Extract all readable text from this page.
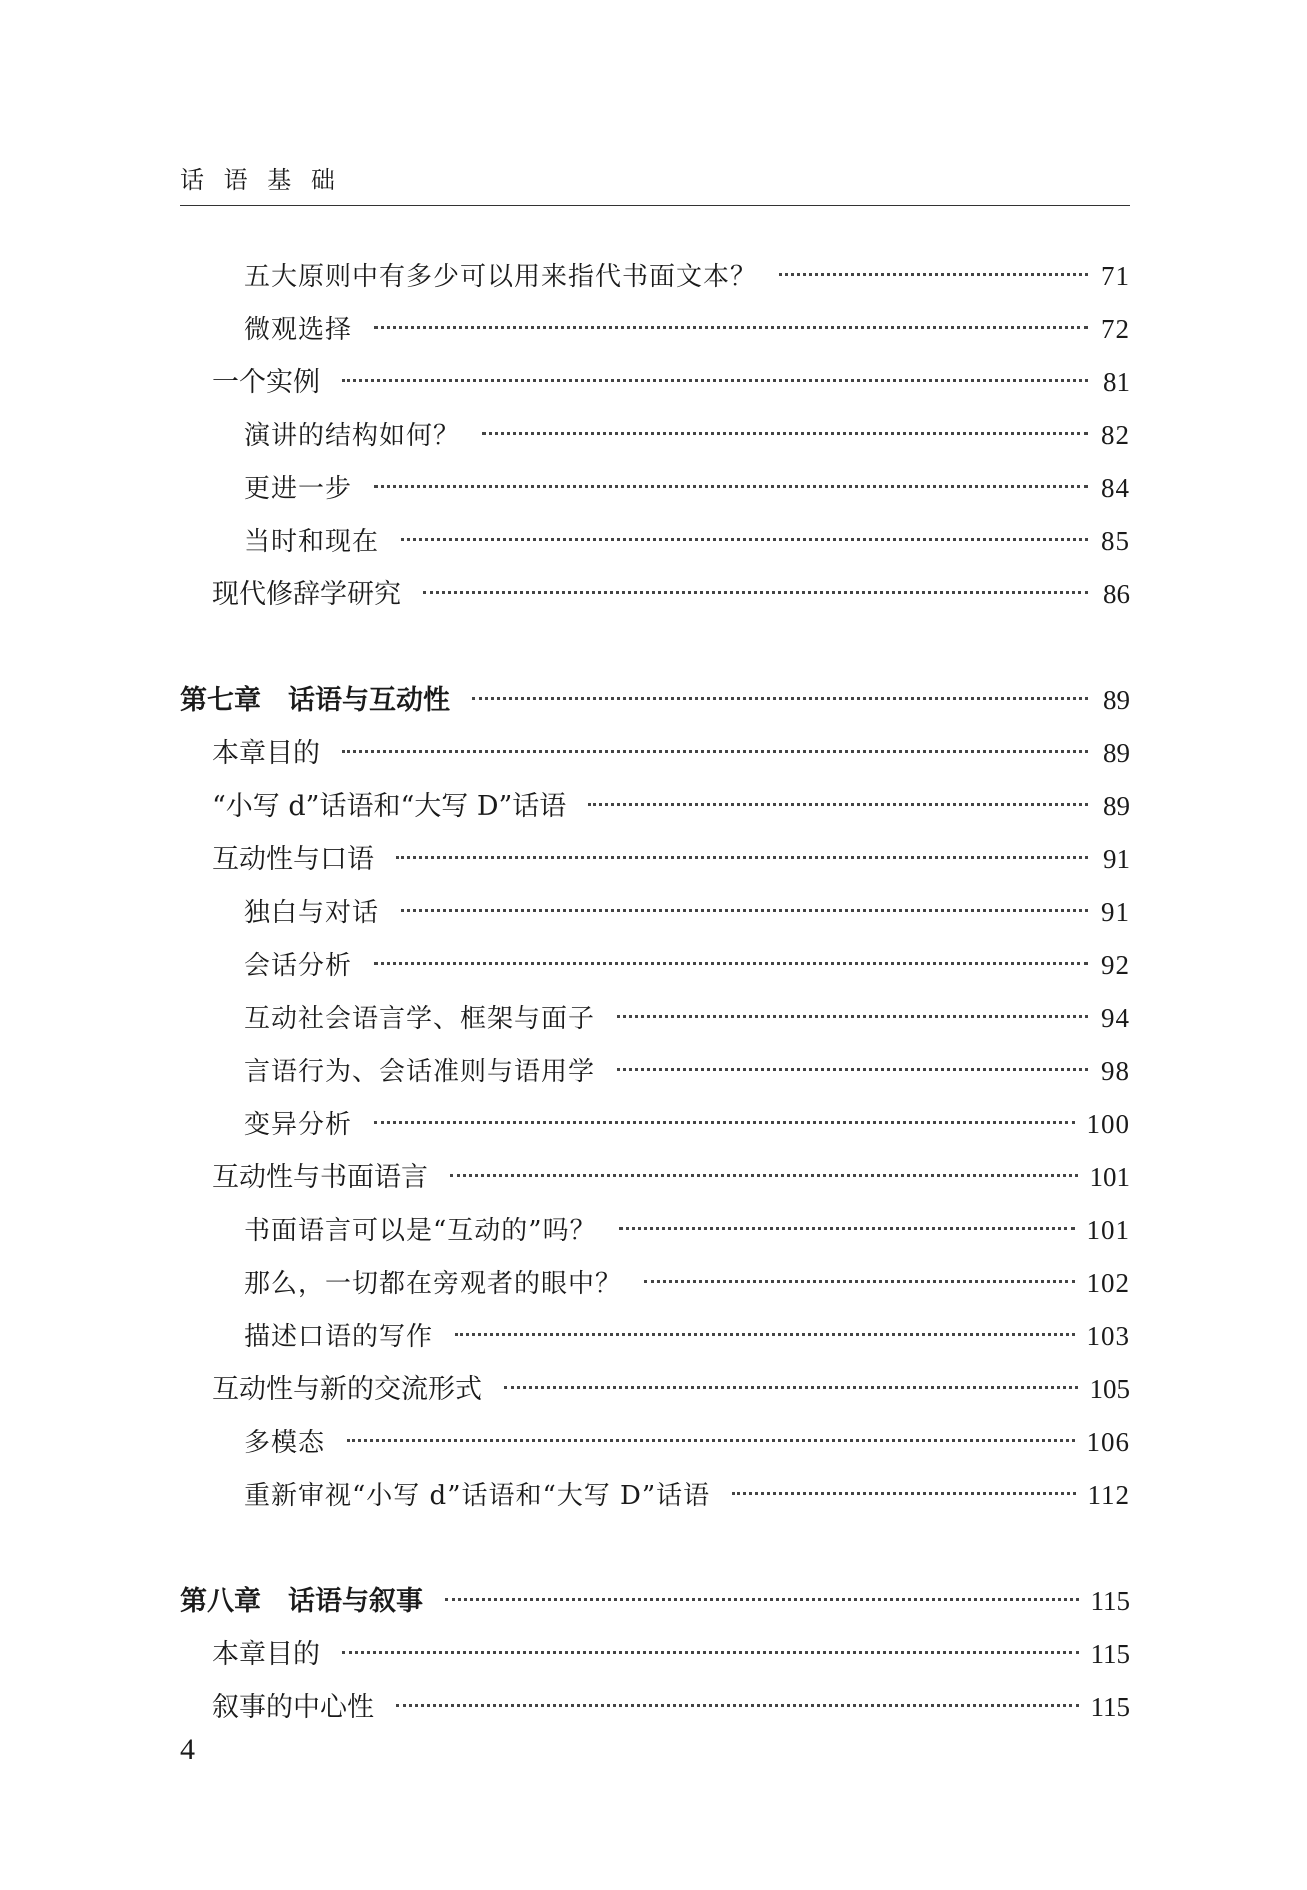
话 语 基 础
五大原则中有多少可以用来指代书面文本？	71
微观选择	72
一个实例	81
演讲的结构如何？	82
更进一步	84
当时和现在	85
现代修辞学研究	86
第七章　话语与互动性	89
本章目的	89
“小写 d”话语和“大写 D”话语	89
互动性与口语	91
独白与对话	91
会话分析	92
互动社会语言学、框架与面子	94
言语行为、会话准则与语用学	98
变异分析	100
互动性与书面语言	101
书面语言可以是“互动的”吗？	101
那么，一切都在旁观者的眼中？	102
描述口语的写作	103
互动性与新的交流形式	105
多模态	106
重新审视“小写 d”话语和“大写 D”话语	112
第八章　话语与叙事	115
本章目的	115
叙事的中心性	115
4
